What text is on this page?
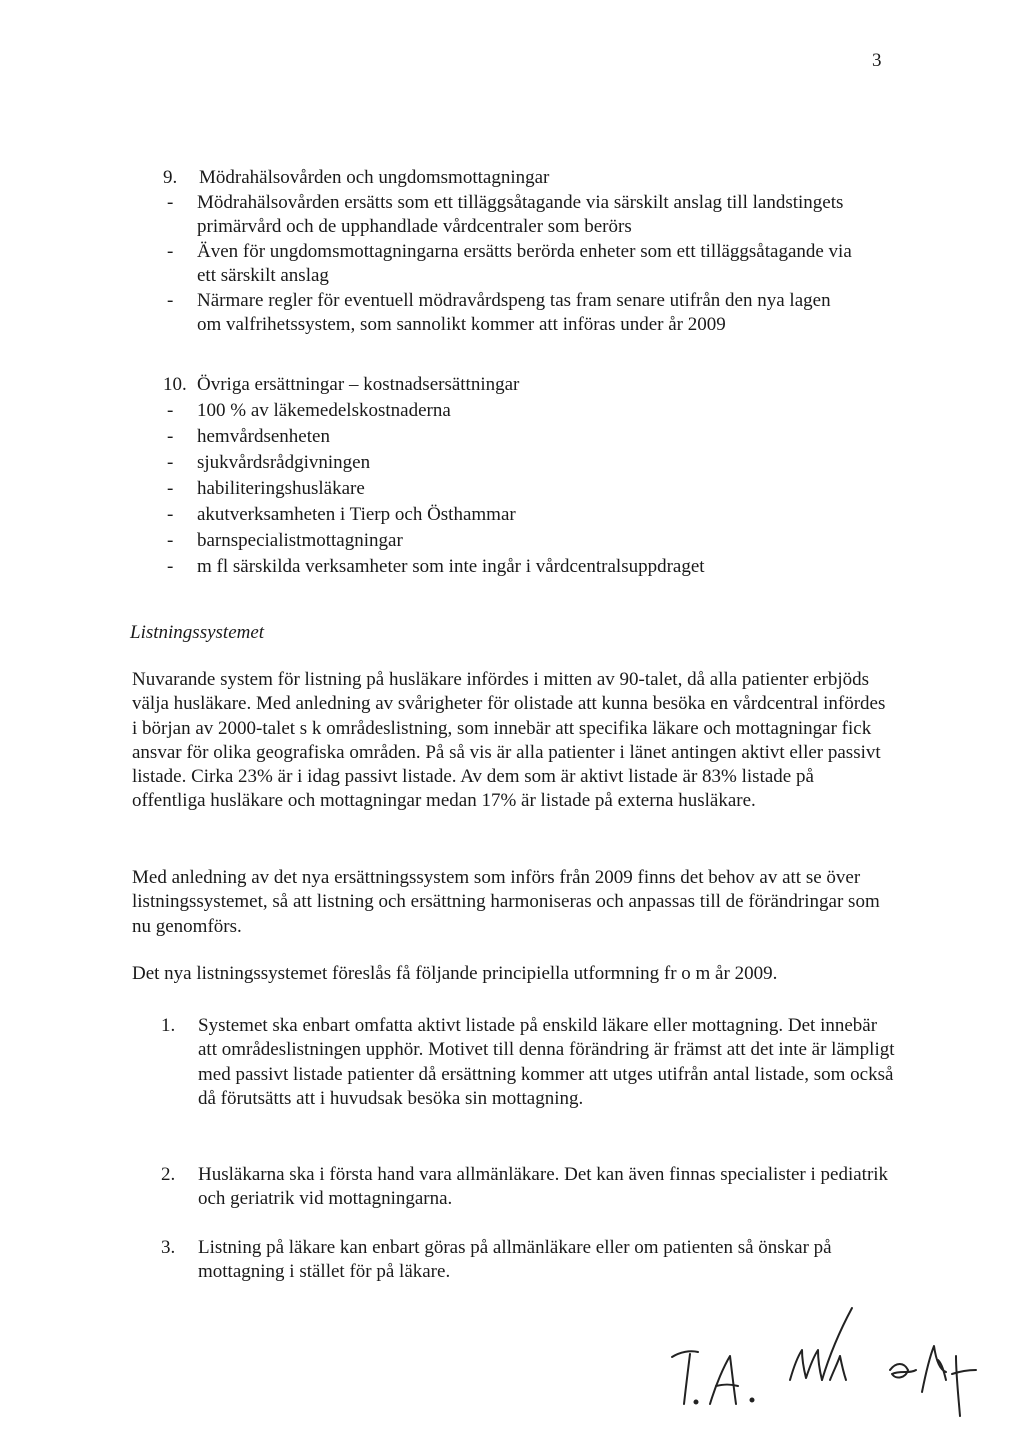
3
9.	Mödrahälsovården och ungdomsmottagningar
-	Mödrahälsovården ersätts som ett tilläggsåtagande via särskilt anslag till landstingets primärvård och de upphandlade vårdcentraler som berörs
-	Även för ungdomsmottagningarna ersätts berörda enheter som ett tilläggsåtagande via ett särskilt anslag
-	Närmare regler för eventuell mödravårdspeng tas fram senare utifrån den nya lagen om valfrihetssystem, som sannolikt kommer att införas under år 2009
10. Övriga ersättningar – kostnadsersättningar
-	100 % av läkemedelskostnaderna
-	hemvårdsenheten
-	sjukvårdsrådgivningen
-	habiliteringshusläkare
-	akutverksamheten i Tierp och Östhammar
-	barnspecialistmottagningar
-	m fl särskilda verksamheter som inte ingår i vårdcentralsuppdraget
Listningssystemet

Nuvarande system för listning på husläkare infördes i mitten av 90-talet, då alla patienter erbjöds välja husläkare. Med anledning av svårigheter för olistade att kunna besöka en vårdcentral infördes i början av 2000-talet s k områdeslistning, som innebär att specifika läkare och mottagningar fick ansvar för olika geografiska områden. På så vis är alla patienter i länet antingen aktivt eller passivt listade. Cirka 23% är i idag passivt listade. Av dem som är aktivt listade är 83% listade på offentliga husläkare och mottagningar medan 17% är listade på externa husläkare.

Med anledning av det nya ersättningssystem som införs från 2009 finns det behov av att se över listningssystemet, så att listning och ersättning harmoniseras och anpassas till de förändringar som nu genomförs.

Det nya listningssystemet föreslås få följande principiella utformning fr o m år 2009.

1.	Systemet ska enbart omfatta aktivt listade på enskild läkare eller mottagning. Det innebär att områdeslistningen upphör. Motivet till denna förändring är främst att det inte är lämpligt med passivt listade patienter då ersättning kommer att utges utifrån antal listade, som också då förutsätts att i huvudsak besöka sin mottagning.
2.	Husläkarna ska i första hand vara allmänläkare. Det kan även finnas specialister i pediatrik och geriatrik vid mottagningarna.
3.	Listning på läkare kan enbart göras på allmänläkare eller om patienten så önskar på mottagning i stället för på läkare.
